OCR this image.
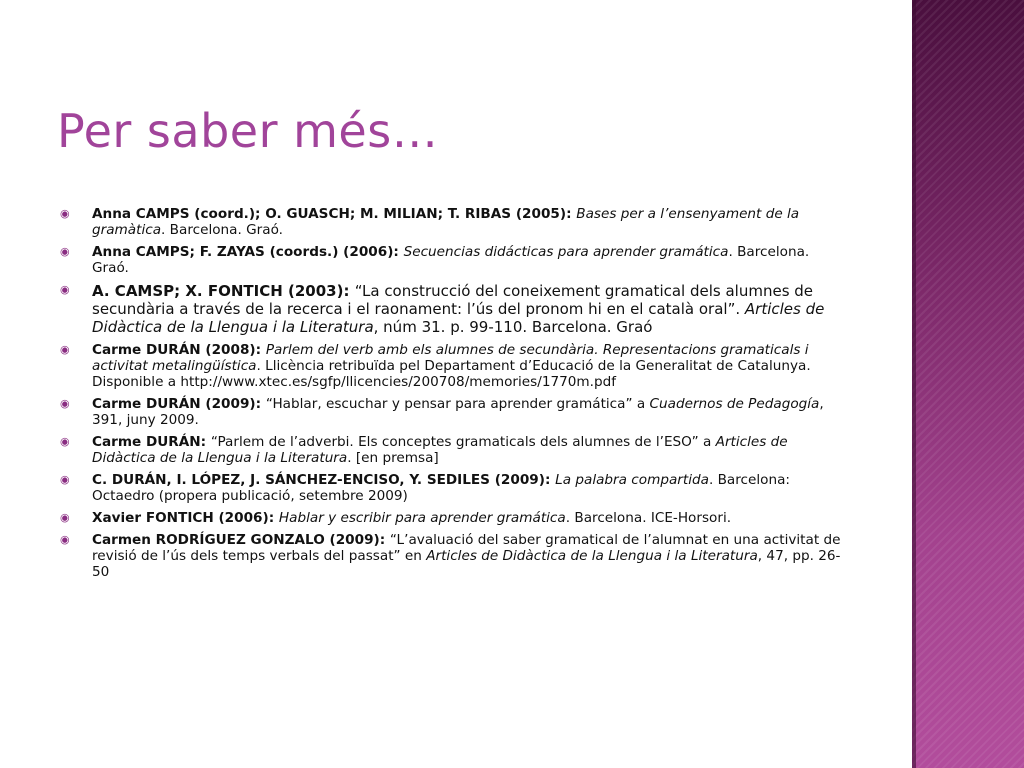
Per saber més…
◉	Anna CAMPS (coord.); O. GUASCH; M. MILIAN; T. RIBAS (2005): Bases per a l’ensenyament de la gramàtica. Barcelona. Graó.
◉	Anna CAMPS; F. ZAYAS (coords.) (2006): Secuencias didácticas para aprender gramática. Barcelona. Graó.
◉ A. CAMSP; X. FONTICH (2003): “La construcció del coneixement gramatical dels alumnes de secundària a través de la recerca i el raonament: l’ús del pronom hi en el català oral”. Articles de Didàctica de la Llengua i la Literatura, núm 31. p. 99-110. Barcelona. Graó
◉	Carme DURÁN (2008): Parlem del verb amb els alumnes de secundària. Representacions gramaticals i activitat metalingüística. Llicència retribuïda pel Departament d’Educació de la Generalitat de Catalunya. Disponible a http://www.xtec.es/sgfp/llicencies/200708/memories/1770m.pdf
◉	Carme DURÁN (2009): “Hablar, escuchar y pensar para aprender gramática” a Cuadernos de Pedagogía, 391, juny 2009.
◉	Carme DURÁN: “Parlem de l’adverbi. Els conceptes gramaticals dels alumnes de l’ESO” a Articles de Didàctica de la Llengua i la Literatura. [en premsa]
◉	C. DURÁN, I. LÓPEZ, J. SÁNCHEZ-ENCISO, Y. SEDILES (2009): La palabra compartida. Barcelona: Octaedro (propera publicació, setembre 2009)
◉	Xavier FONTICH (2006): Hablar y escribir para aprender gramática. Barcelona. ICE-Horsori.
◉	Carmen RODRÍGUEZ GONZALO (2009): “L’avaluació del saber gramatical de l’alumnat en una activitat de revisió de l’ús dels temps verbals del passat” en Articles de Didàctica de la Llengua i la Literatura, 47, pp. 26-50
